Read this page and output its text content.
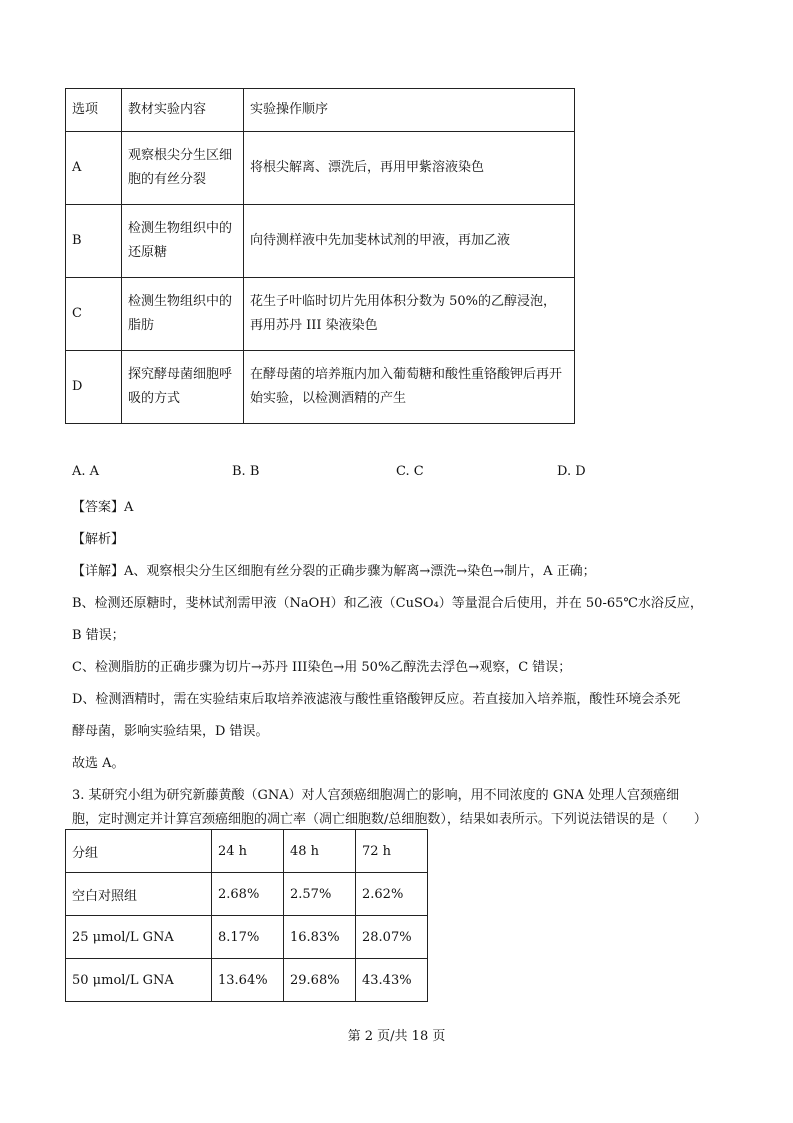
选项	教材实验内容	实验操作顺序
A	观察根尖分生区细胞的有丝分裂	将根尖解离、漂洗后，再用甲紫溶液染色
B	检测生物组织中的还原糖	向待测样液中先加斐林试剂的甲液，再加乙液
C	检测生物组织中的脂肪	花生子叶临时切片先用体积分数为 50%的乙醇浸泡，再用苏丹 III 染液染色
D	探究酵母菌细胞呼吸的方式	在酵母菌的培养瓶内加入葡萄糖和酸性重铬酸钾后再开始实验，以检测酒精的产生
A. A	B. B	C. C	D. D
【答案】A
【解析】
【详解】A、观察根尖分生区细胞有丝分裂的正确步骤为解离→漂洗→染色→制片，A 正确；
B、检测还原糖时，斐林试剂需甲液（NaOH）和乙液（CuSO₄）等量混合后使用，并在 50-65℃水浴反应，
B 错误；
C、检测脂肪的正确步骤为切片→苏丹 III染色→用 50%乙醇洗去浮色→观察，C 错误；
D、检测酒精时，需在实验结束后取培养液滤液与酸性重铬酸钾反应。若直接加入培养瓶，酸性环境会杀死
酵母菌，影响实验结果，D 错误。
故选 A。
3. 某研究小组为研究新藤黄酸（GNA）对人宫颈癌细胞凋亡的影响，用不同浓度的 GNA 处理人宫颈癌细
胞，定时测定并计算宫颈癌细胞的凋亡率（凋亡细胞数/总细胞数），结果如表所示。下列说法错误的是（　　）
分组	24 h	48 h	72 h
空白对照组	2.68%	2.57%	2.62%
25 μmol/L GNA	8.17%	16.83%	28.07%
50 μmol/L GNA	13.64%	29.68%	43.43%
第 2 页/共 18 页
